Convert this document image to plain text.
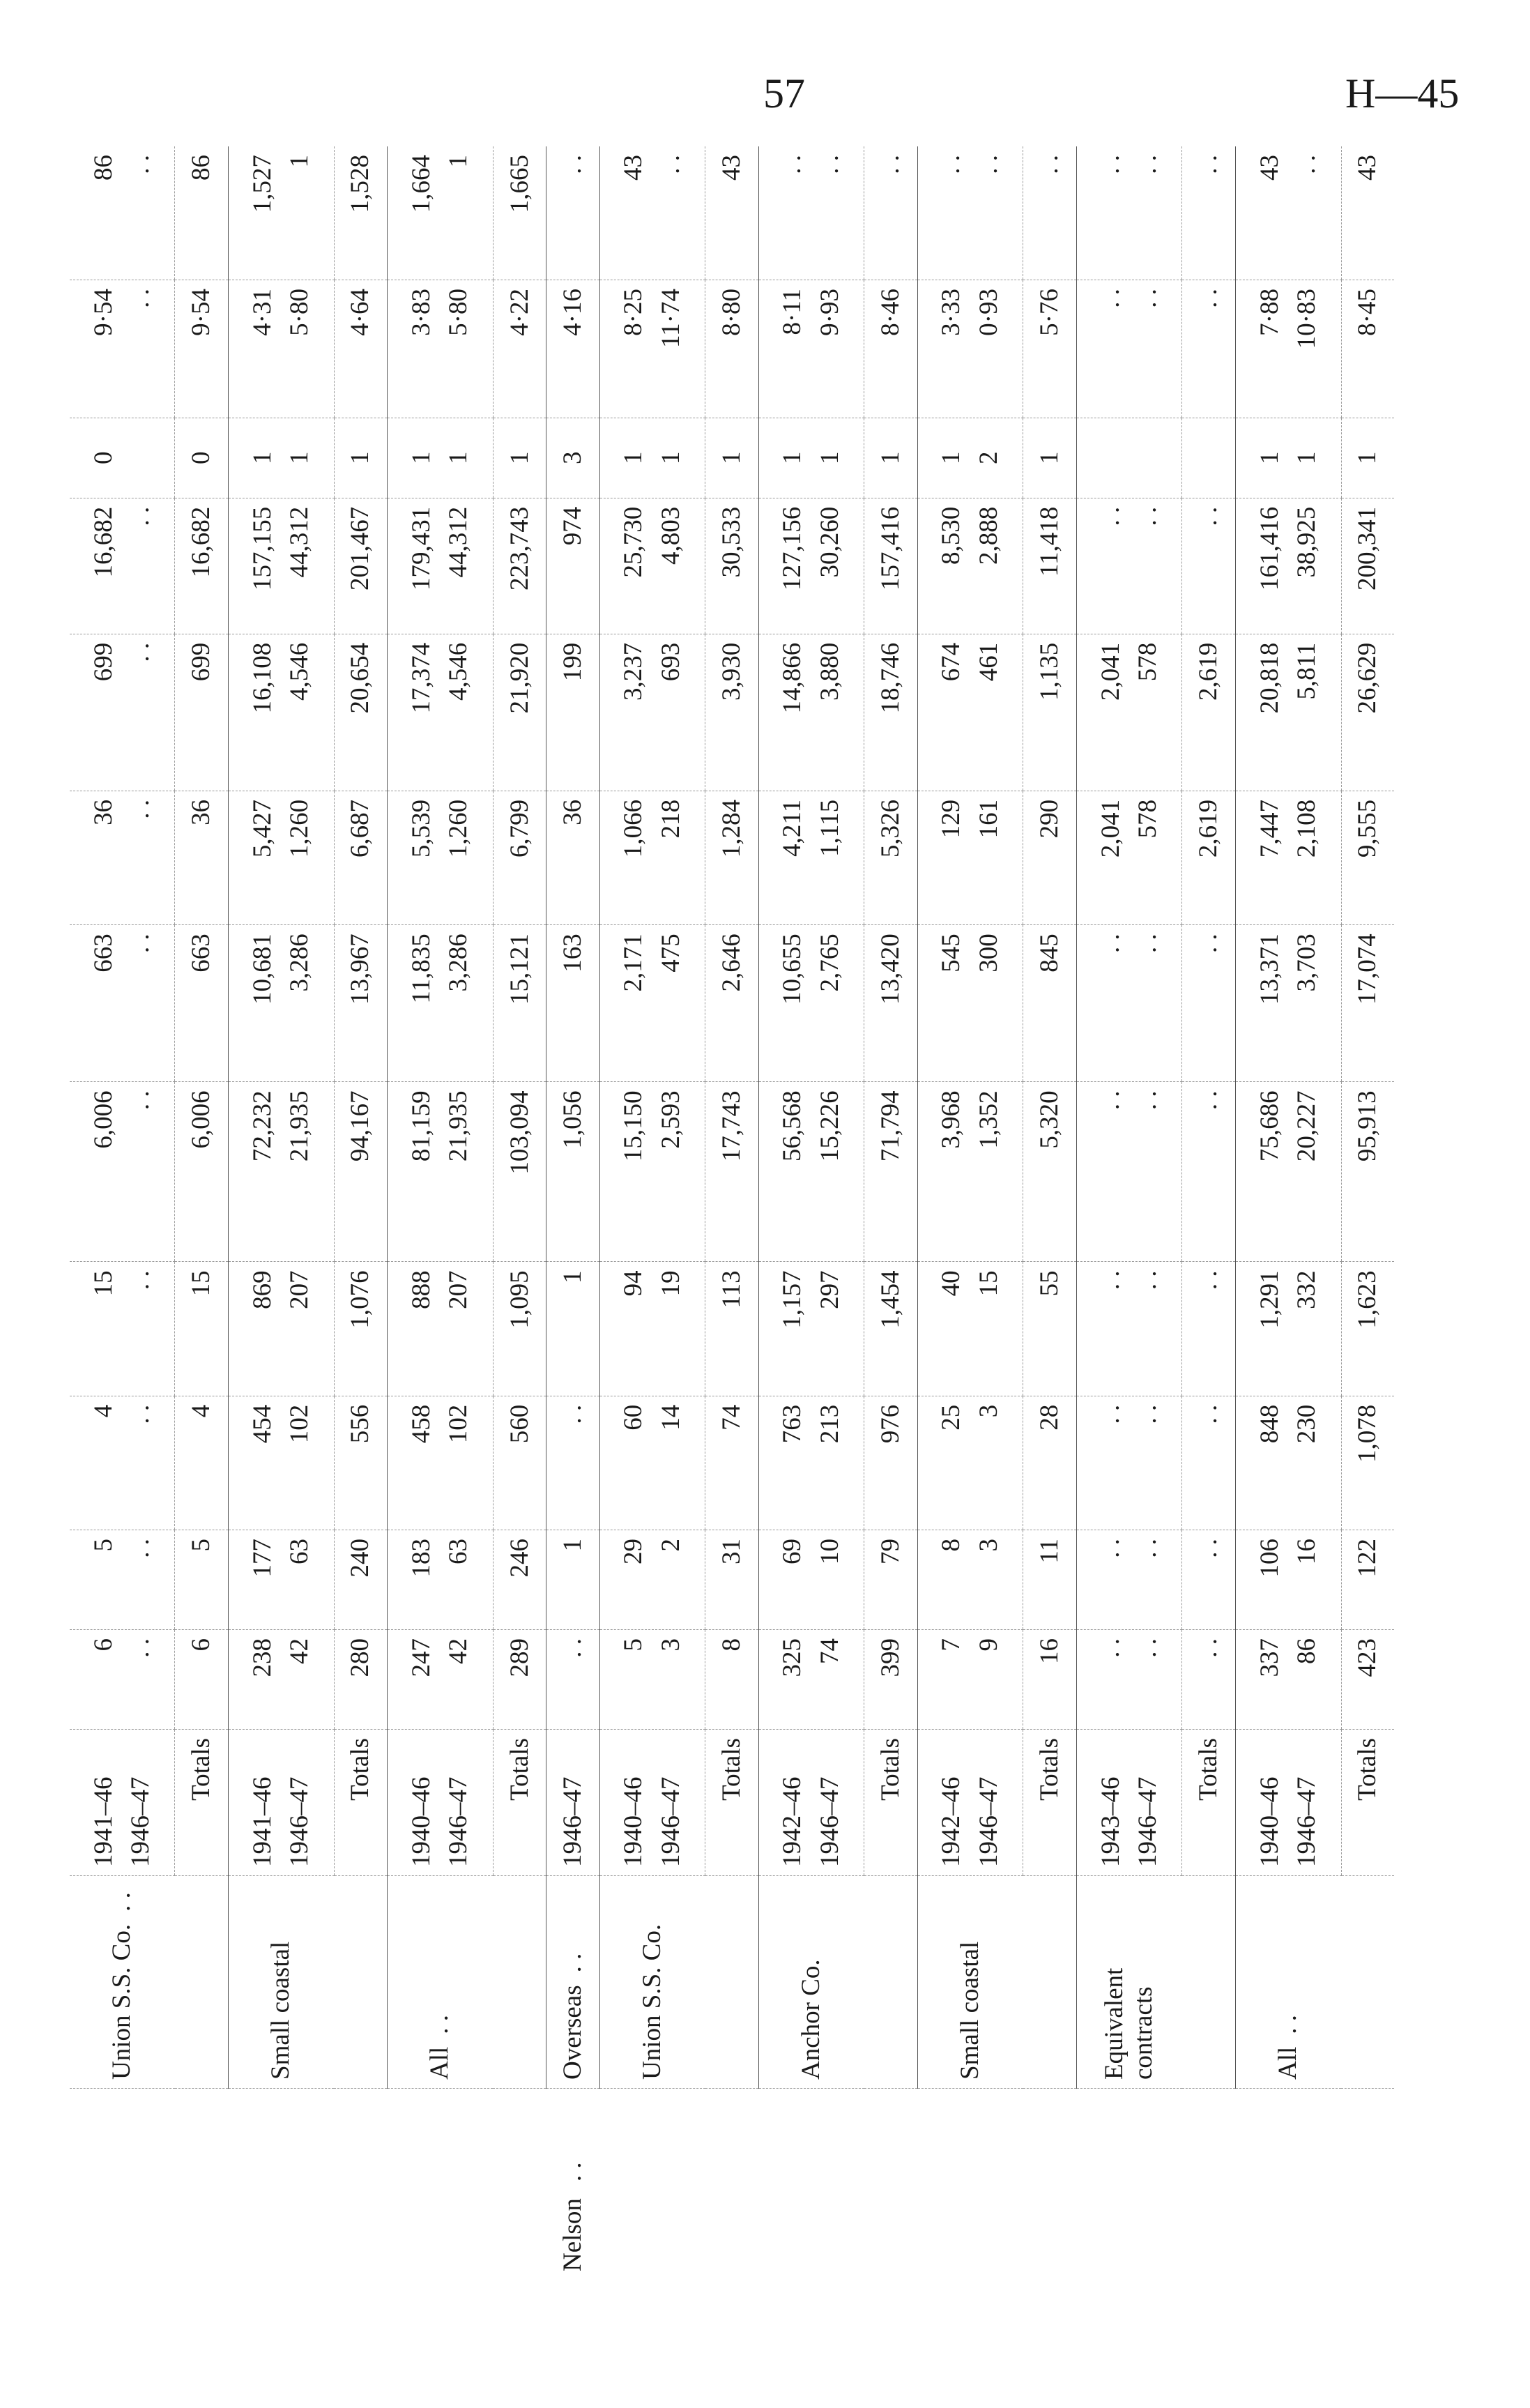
57	H—45
	Union S.S. Co.. .	1941–46 1946–47	6 . .	5 . .	4 . .	15 . .	6,006 . .	663 . .	36 . .	699 . .	16,682 . .	0	9·54 . .	86 . .

		Totals	6	5	4	15	6,006	663	36	699	16,682	0	9·54	86

	Small coastal	1941–46 1946–47	238 42	177 63	454 102	869 207	72,232 21,935	10,681 3,286	5,427 1,260	16,108 4,546	157,155 44,312	1 1	4·31 5·80	1,527 1

		Totals	280	240	556	1,076	94,167	13,967	6,687	20,654	201,467	1	4·64	1,528

	All. .	1940–46 1946–47	247 42	183 63	458 102	888 207	81,159 21,935	11,835 3,286	5,539 1,260	17,374 4,546	179,431 44,312	1 1	3·83 5·80	1,664 1

		Totals	289	246	560	1,095	103,094	15,121	6,799	21,920	223,743	1	4·22	1,665

Nelson. .	Overseas. .	1946–47	. .	1	. .	1	1,056	163	36	199	974	3	4·16	. .

	Union S.S. Co.	1940–46 1946–47	5 3	29 2	60 14	94 19	15,150 2,593	2,171 475	1,066 218	3,237 693	25,730 4,803	1 1	8·25 11·74	43 . .

		Totals	8	31	74	113	17,743	2,646	1,284	3,930	30,533	1	8·80	43

	Anchor Co.	1942–46 1946–47	325 74	69 10	763 213	1,157 297	56,568 15,226	10,655 2,765	4,211 1,115	14,866 3,880	127,156 30,260	1 1	8·11 9·93	. . . .

		Totals	399	79	976	1,454	71,794	13,420	5,326	18,746	157,416	1	8·46	. .

	Small coastal	1942–46 1946–47	7 9	8 3	25 3	40 15	3,968 1,352	545 300	129 161	674 461	8,530 2,888	1 2	3·33 0·93	. . . .

		Totals	16	11	28	55	5,320	845	290	1,135	11,418	1	5·76	. .

	Equivalent contracts	1943–46 1946–47	. . . .	. . . .	. . . .	. . . .	. . . .	. . . .	2,041 578	2,041 578	. . . .		. . . .	. . . .

		Totals	. .	. .	. .	. .	. .	. .	2,619	2,619	. .		. .	. .

	All. .	1940–46 1946–47	337 86	106 16	848 230	1,291 332	75,686 20,227	13,371 3,703	7,447 2,108	20,818 5,811	161,416 38,925	1 1	7·88 10·83	43 . .

		Totals	423	122	1,078	1,623	95,913	17,074	9,555	26,629	200,341	1	8·45	43
